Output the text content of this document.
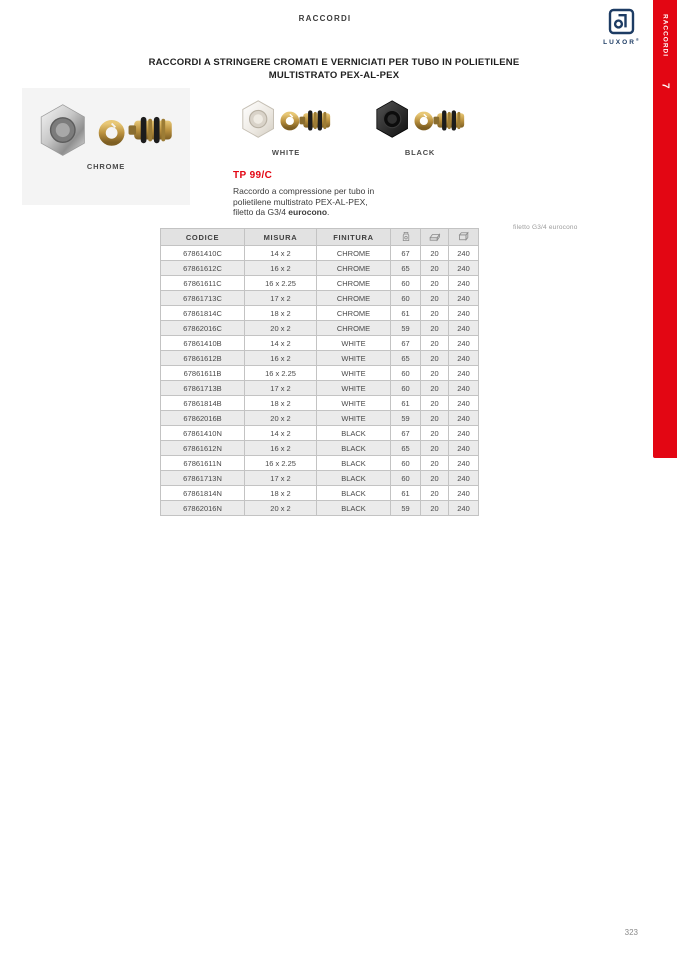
RACCORDI
LUXOR®	RACCORDI
7
RACCORDI A STRINGERE CROMATI E VERNICIATI PER TUBO IN POLIETILENE
MULTISTRATO PEX-AL-PEX
CHROME
WHITE	BLACK
TP 99/C
Raccordo a compressione per tubo in
polietilene multistrato PEX-AL-PEX,
filetto da G3/4 eurocono.
filetto G3/4 eurocono
CODICE	MISURA	FINITURA			
67861410C	14 x 2	CHROME	67	20	240
67861612C	16 x 2	CHROME	65	20	240
67861611C	16 x 2.25	CHROME	60	20	240
67861713C	17 x 2	CHROME	60	20	240
67861814C	18 x 2	CHROME	61	20	240
67862016C	20 x 2	CHROME	59	20	240
67861410B	14 x 2	WHITE	67	20	240
67861612B	16 x 2	WHITE	65	20	240
67861611B	16 x 2.25	WHITE	60	20	240
67861713B	17 x 2	WHITE	60	20	240
67861814B	18 x 2	WHITE	61	20	240
67862016B	20 x 2	WHITE	59	20	240
67861410N	14 x 2	BLACK	67	20	240
67861612N	16 x 2	BLACK	65	20	240
67861611N	16 x 2.25	BLACK	60	20	240
67861713N	17 x 2	BLACK	60	20	240
67861814N	18 x 2	BLACK	61	20	240
67862016N	20 x 2	BLACK	59	20	240
323
